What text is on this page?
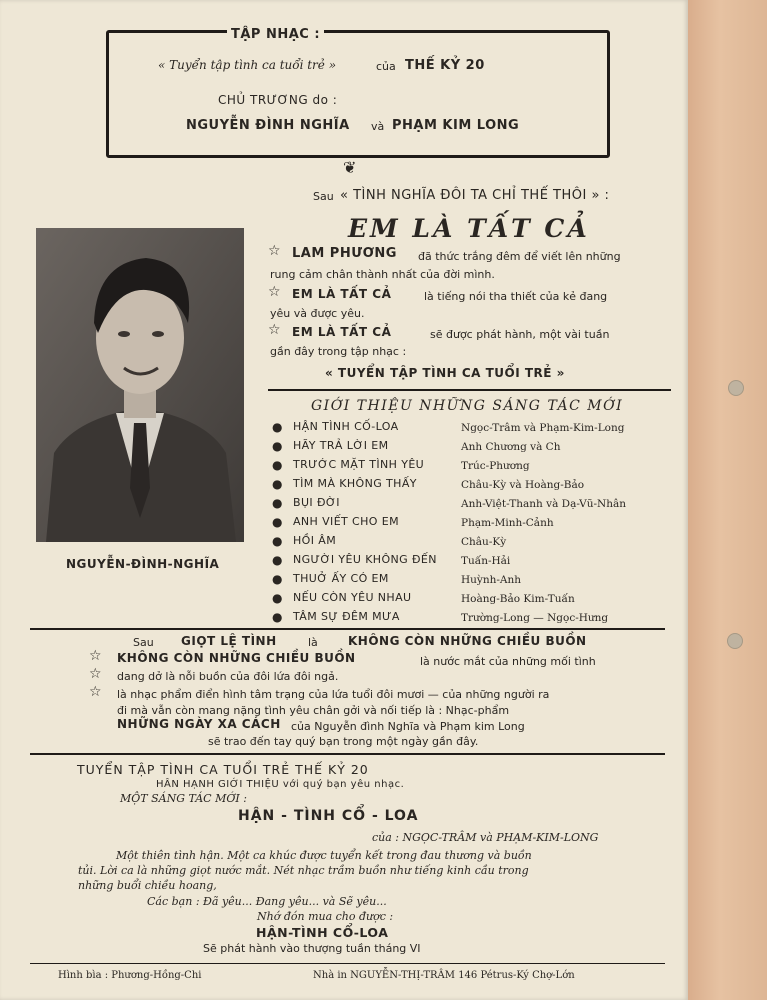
TẬP NHẠC :
« Tuyển tập tình ca tuổi trẻ »	của THẾ KỶ 20
CHỦ TRƯƠNG do :
NGUYỄN ĐÌNH NGHĨA và PHẠM KIM LONG
❦
Sau « TÌNH NGHĨA ĐÔI TA CHỈ THẾ THÔI » :
EM LÀ TẤT CẢ
NGUYỄN-ĐÌNH-NGHĨA
☆ LAM PHƯƠNG đã thức trắng đêm để viết lên những
rung cảm chân thành nhất của đời mình.
☆ EM LÀ TẤT CẢ	là tiếng nói tha thiết của kẻ đang
yêu và được yêu.
☆ EM LÀ TẤT CẢ	sẽ được phát hành, một vài tuần
gần đây trong tập nhạc :
« TUYỂN TẬP TÌNH CA TUỔI TRẺ »
GIỚI THIỆU NHỮNG SÁNG TÁC MỚI
● HẬN TÌNH CỐ-LOA	Ngọc-Trâm và Phạm-Kim-Long
● HÃY TRẢ LỜI EM	Anh Chương và Ch
● TRƯỚC MẶT TÌNH YÊU	Trúc-Phương
● TÌM MÀ KHÔNG THẤY	Châu-Kỳ và Hoàng-Bảo
● BỤI ĐỜI	Anh-Việt-Thanh và Dạ-Vũ-Nhân
● ANH VIẾT CHO EM	Phạm-Minh-Cảnh
● HỒI ÂM	Châu-Kỳ
● NGƯỜI YÊU KHÔNG ĐẾN Tuấn-Hải
● THUỞ ẤY CÓ EM	Huỳnh-Anh
● NẾU CÒN YÊU NHAU	Hoàng-Bảo Kim-Tuấn
● TÂM SỰ ĐÊM MƯA	Trường-Long — Ngọc-Hưng
Sau GIỌT LỆ TÌNH	là	KHÔNG CÒN NHỮNG CHIỀU BUỒN
☆ KHÔNG CÒN NHỮNG CHIỀU BUỒN	là nước mắt của những mối tình
☆ dang dở là nỗi buồn của đôi lứa đôi ngả.
☆ là nhạc phẩm điển hình tâm trạng của lứa tuổi đôi mươi — của những người ra
đi mà vẫn còn mang nặng tình yêu chân gởi và nối tiếp là : Nhạc-phẩm
NHỮNG NGÀY XA CÁCH của Nguyễn đình Nghĩa và Phạm kim Long
sẽ trao đến tay quý bạn trong một ngày gần đây.
TUYỂN TẬP TÌNH CA TUỔI TRẺ THẾ KỶ 20
HÂN HẠNH GIỚI THIỆU với quý bạn yêu nhạc.
MỘT SÁNG TÁC MỚI :
HẬN - TÌNH CỔ - LOA
của : NGỌC-TRÂM và PHẠM-KIM-LONG
Một thiên tình hận. Một ca khúc được tuyển kết trong đau thương và buồn
tủi. Lời ca là những giọt nước mắt. Nét nhạc trầm buồn như tiếng kinh cầu trong
những buổi chiều hoang,
Các bạn : Đã yêu... Đang yêu... và Sẽ yêu...
Nhớ đón mua cho được :
HẬN-TÌNH CỔ-LOA
Sẽ phát hành vào thượng tuần tháng VI
Hình bìa : Phương-Hồng-Chi	Nhà in NGUYỄN-THỊ-TRÂM 146 Pétrus-Ký Chợ-Lớn
